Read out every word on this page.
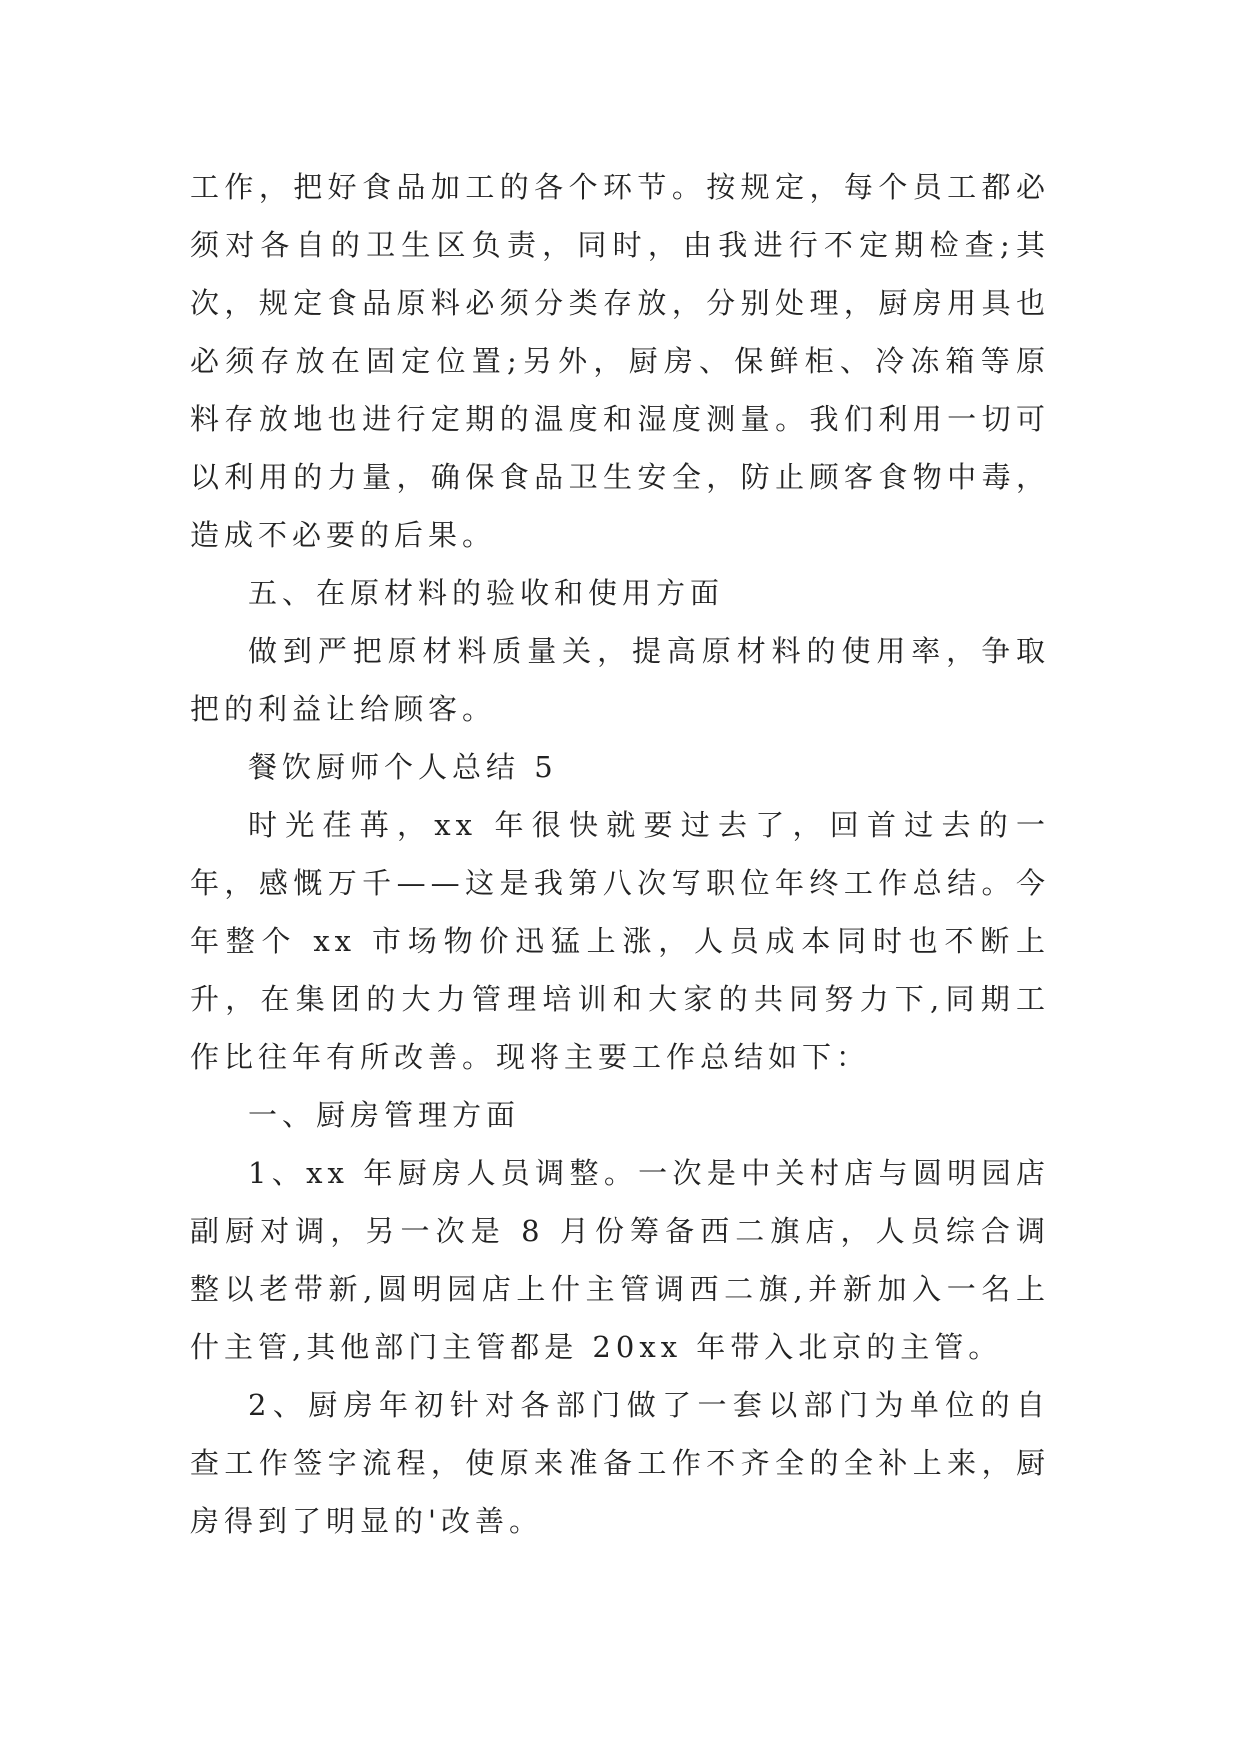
工作，把好食品加工的各个环节。按规定，每个员工都必须对各自的卫生区负责，同时，由我进行不定期检查;其次，规定食品原料必须分类存放，分别处理，厨房用具也必须存放在固定位置;另外，厨房、保鲜柜、冷冻箱等原料存放地也进行定期的温度和湿度测量。我们利用一切可以利用的力量，确保食品卫生安全，防止顾客食物中毒，造成不必要的后果。

五、在原材料的验收和使用方面

做到严把原材料质量关，提高原材料的使用率，争取把的利益让给顾客。

餐饮厨师个人总结 5

时光荏苒，xx 年很快就要过去了，回首过去的一年，感慨万千——这是我第八次写职位年终工作总结。今年整个 xx 市场物价迅猛上涨，人员成本同时也不断上升，在集团的大力管理培训和大家的共同努力下,同期工作比往年有所改善。现将主要工作总结如下：

一、厨房管理方面

1、xx 年厨房人员调整。一次是中关村店与圆明园店副厨对调，另一次是 8 月份筹备西二旗店，人员综合调整以老带新,圆明园店上什主管调西二旗,并新加入一名上什主管,其他部门主管都是 20xx 年带入北京的主管。

2、厨房年初针对各部门做了一套以部门为单位的自查工作签字流程，使原来准备工作不齐全的全补上来，厨房得到了明显的'改善。
